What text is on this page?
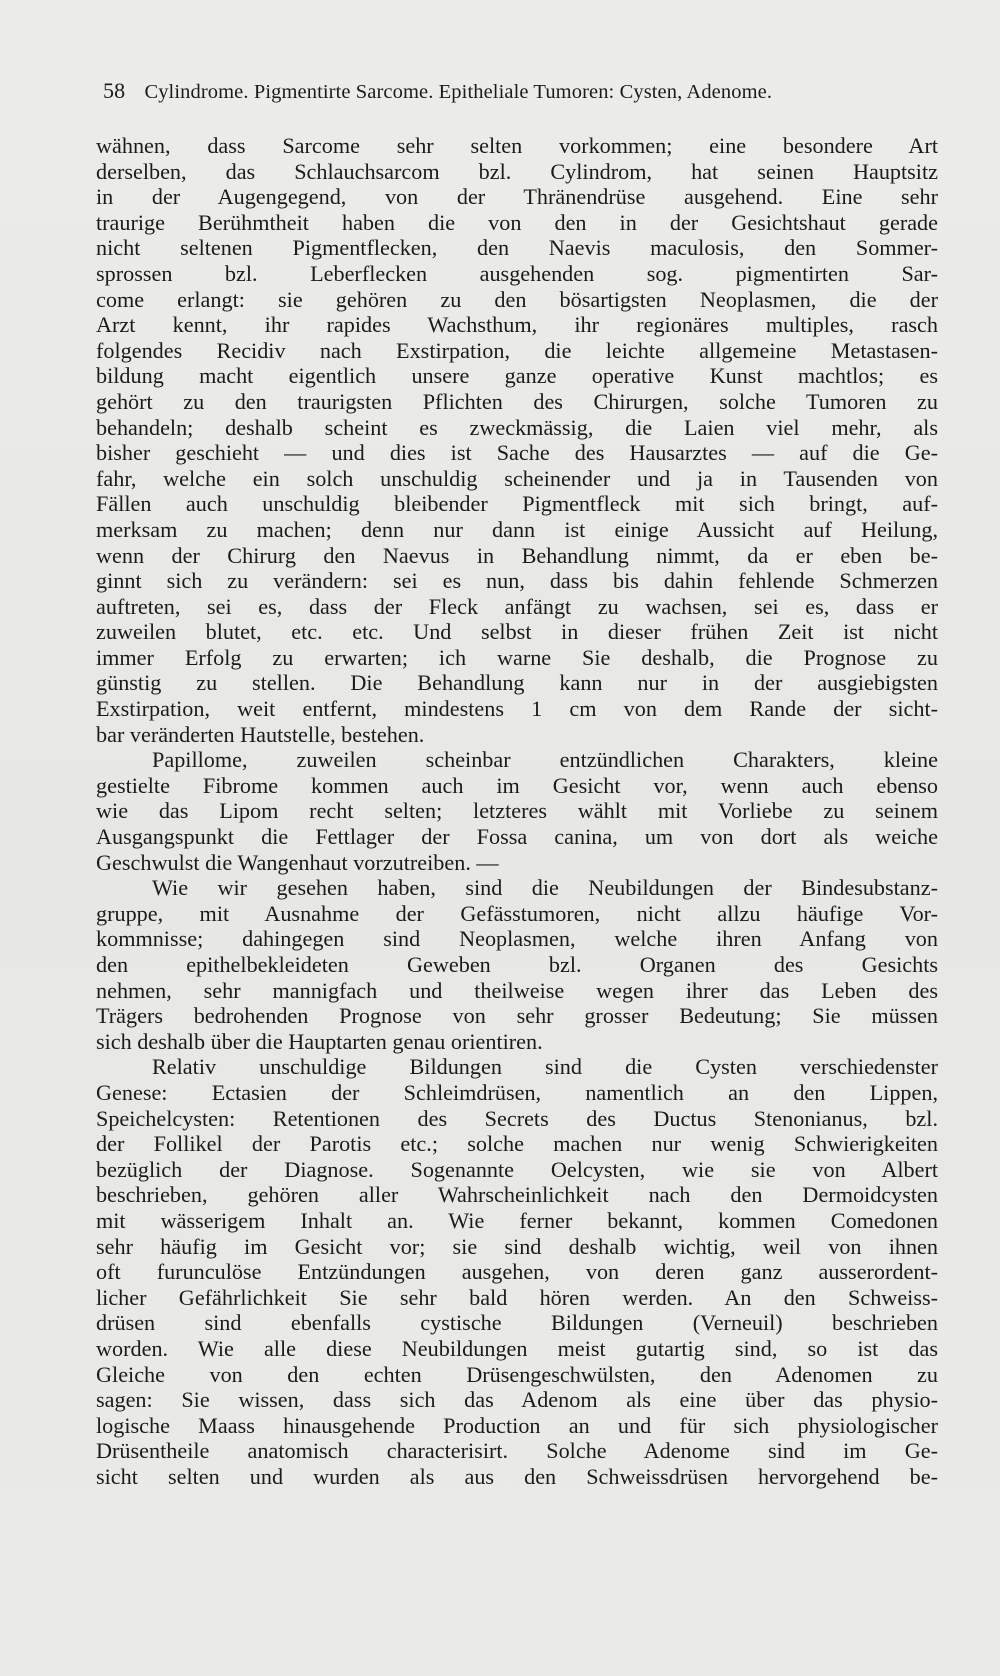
58 Cylindrome. Pigmentirte Sarcome. Epitheliale Tumoren: Cysten, Adenome.
wähnen, dass Sarcome sehr selten vorkommen; eine besondere Art
derselben, das Schlauchsarcom bzl. Cylindrom, hat seinen Hauptsitz
in der Augengegend, von der Thränendrüse ausgehend. Eine sehr
traurige Berühmtheit haben die von den in der Gesichtshaut gerade
nicht seltenen Pigmentflecken, den Naevis maculosis, den Sommer-
sprossen bzl. Leberflecken ausgehenden sog. pigmentirten Sar-
come erlangt: sie gehören zu den bösartigsten Neoplasmen, die der
Arzt kennt, ihr rapides Wachsthum, ihr regionäres multiples, rasch
folgendes Recidiv nach Exstirpation, die leichte allgemeine Metastasen-
bildung macht eigentlich unsere ganze operative Kunst machtlos; es
gehört zu den traurigsten Pflichten des Chirurgen, solche Tumoren zu
behandeln; deshalb scheint es zweckmässig, die Laien viel mehr, als
bisher geschieht — und dies ist Sache des Hausarztes — auf die Ge-
fahr, welche ein solch unschuldig scheinender und ja in Tausenden von
Fällen auch unschuldig bleibender Pigmentfleck mit sich bringt, auf-
merksam zu machen; denn nur dann ist einige Aussicht auf Heilung,
wenn der Chirurg den Naevus in Behandlung nimmt, da er eben be-
ginnt sich zu verändern: sei es nun, dass bis dahin fehlende Schmerzen
auftreten, sei es, dass der Fleck anfängt zu wachsen, sei es, dass er
zuweilen blutet, etc. etc. Und selbst in dieser frühen Zeit ist nicht
immer Erfolg zu erwarten; ich warne Sie deshalb, die Prognose zu
günstig zu stellen. Die Behandlung kann nur in der ausgiebigsten
Exstirpation, weit entfernt, mindestens 1 cm von dem Rande der sicht-
bar veränderten Hautstelle, bestehen.
Papillome, zuweilen scheinbar entzündlichen Charakters, kleine
gestielte Fibrome kommen auch im Gesicht vor, wenn auch ebenso
wie das Lipom recht selten; letzteres wählt mit Vorliebe zu seinem
Ausgangspunkt die Fettlager der Fossa canina, um von dort als weiche
Geschwulst die Wangenhaut vorzutreiben. —
Wie wir gesehen haben, sind die Neubildungen der Bindesubstanz-
gruppe, mit Ausnahme der Gefässtumoren, nicht allzu häufige Vor-
kommnisse; dahingegen sind Neoplasmen, welche ihren Anfang von
den epithelbekleideten Geweben bzl. Organen des Gesichts
nehmen, sehr mannigfach und theilweise wegen ihrer das Leben des
Trägers bedrohenden Prognose von sehr grosser Bedeutung; Sie müssen
sich deshalb über die Hauptarten genau orientiren.
Relativ unschuldige Bildungen sind die Cysten verschiedenster
Genese: Ectasien der Schleimdrüsen, namentlich an den Lippen,
Speichelcysten: Retentionen des Secrets des Ductus Stenonianus, bzl.
der Follikel der Parotis etc.; solche machen nur wenig Schwierigkeiten
bezüglich der Diagnose. Sogenannte Oelcysten, wie sie von Albert
beschrieben, gehören aller Wahrscheinlichkeit nach den Dermoidcysten
mit wässerigem Inhalt an. Wie ferner bekannt, kommen Comedonen
sehr häufig im Gesicht vor; sie sind deshalb wichtig, weil von ihnen
oft furunculöse Entzündungen ausgehen, von deren ganz ausserordent-
licher Gefährlichkeit Sie sehr bald hören werden. An den Schweiss-
drüsen sind ebenfalls cystische Bildungen (Verneuil) beschrieben
worden. Wie alle diese Neubildungen meist gutartig sind, so ist das
Gleiche von den echten Drüsengeschwülsten, den Adenomen zu
sagen: Sie wissen, dass sich das Adenom als eine über das physio-
logische Maass hinausgehende Production an und für sich physiologischer
Drüsentheile anatomisch characterisirt. Solche Adenome sind im Ge-
sicht selten und wurden als aus den Schweissdrüsen hervorgehend be-
